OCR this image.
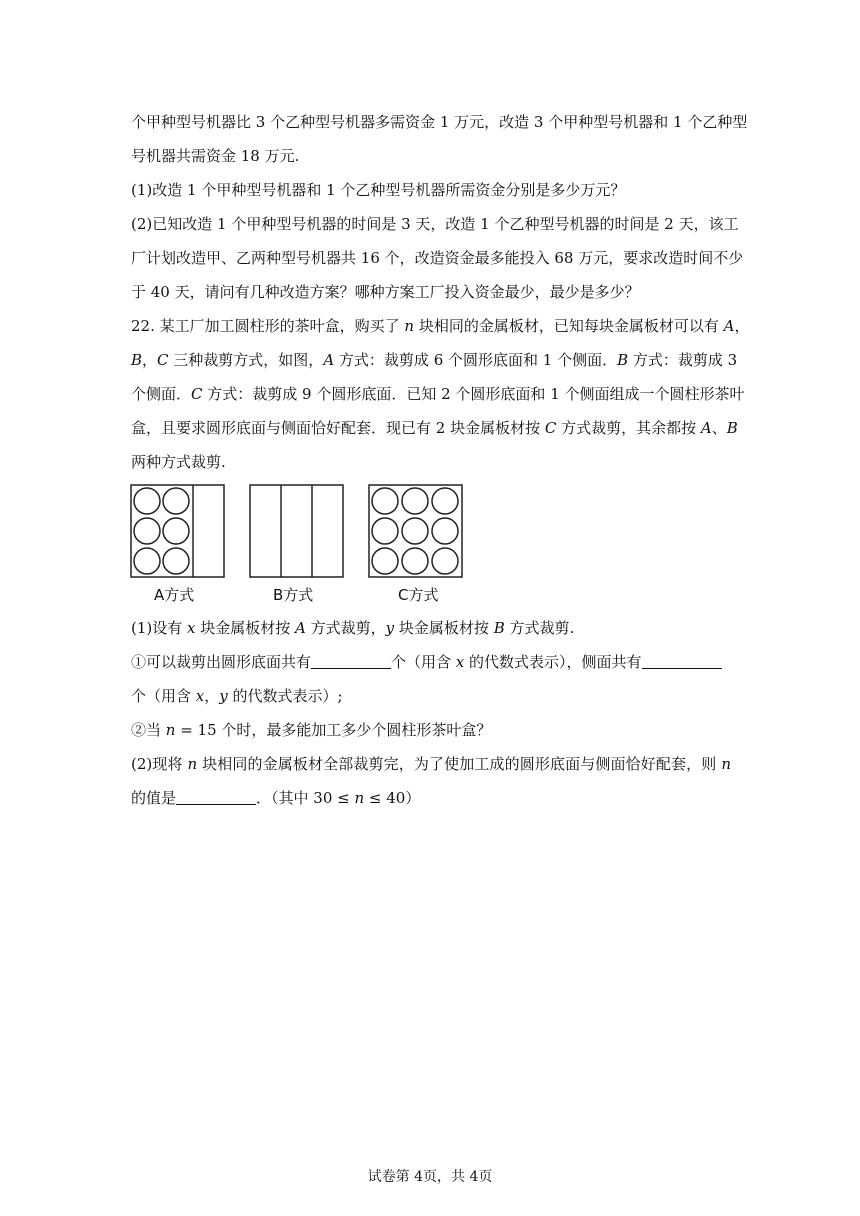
个甲种型号机器比 3 个乙种型号机器多需资金 1 万元，改造 3 个甲种型号机器和 1 个乙种型
号机器共需资金 18 万元.
(1)改造 1 个甲种型号机器和 1 个乙种型号机器所需资金分别是多少万元？
(2)已知改造 1 个甲种型号机器的时间是 3 天，改造 1 个乙种型号机器的时间是 2 天，该工
厂计划改造甲、乙两种型号机器共 16 个，改造资金最多能投入 68 万元，要求改造时间不少
于 40 天，请问有几种改造方案？哪种方案工厂投入资金最少，最少是多少？
22. 某工厂加工圆柱形的茶叶盒，购买了 n 块相同的金属板材，已知每块金属板材可以有 A，
B，C 三种裁剪方式，如图，A 方式：裁剪成 6 个圆形底面和 1 个侧面．B 方式：裁剪成 3
个侧面．C 方式：裁剪成 9 个圆形底面．已知 2 个圆形底面和 1 个侧面组成一个圆柱形茶叶
盒，且要求圆形底面与侧面恰好配套．现已有 2 块金属板材按 C 方式裁剪，其余都按 A、B
两种方式裁剪.
A方式	B方式	C方式
(1)设有 x 块金属板材按 A 方式裁剪，y 块金属板材按 B 方式裁剪.
①可以裁剪出圆形底面共有	个（用含 x 的代数式表示），侧面共有
个（用含 x，y 的代数式表示）;
②当 n = 15 个时，最多能加工多少个圆柱形茶叶盒？
(2)现将 n 块相同的金属板材全部裁剪完，为了使加工成的圆形底面与侧面恰好配套，则 n
的值是	．（其中 30 ≤ n ≤ 40）
试卷第 4页，共 4页
